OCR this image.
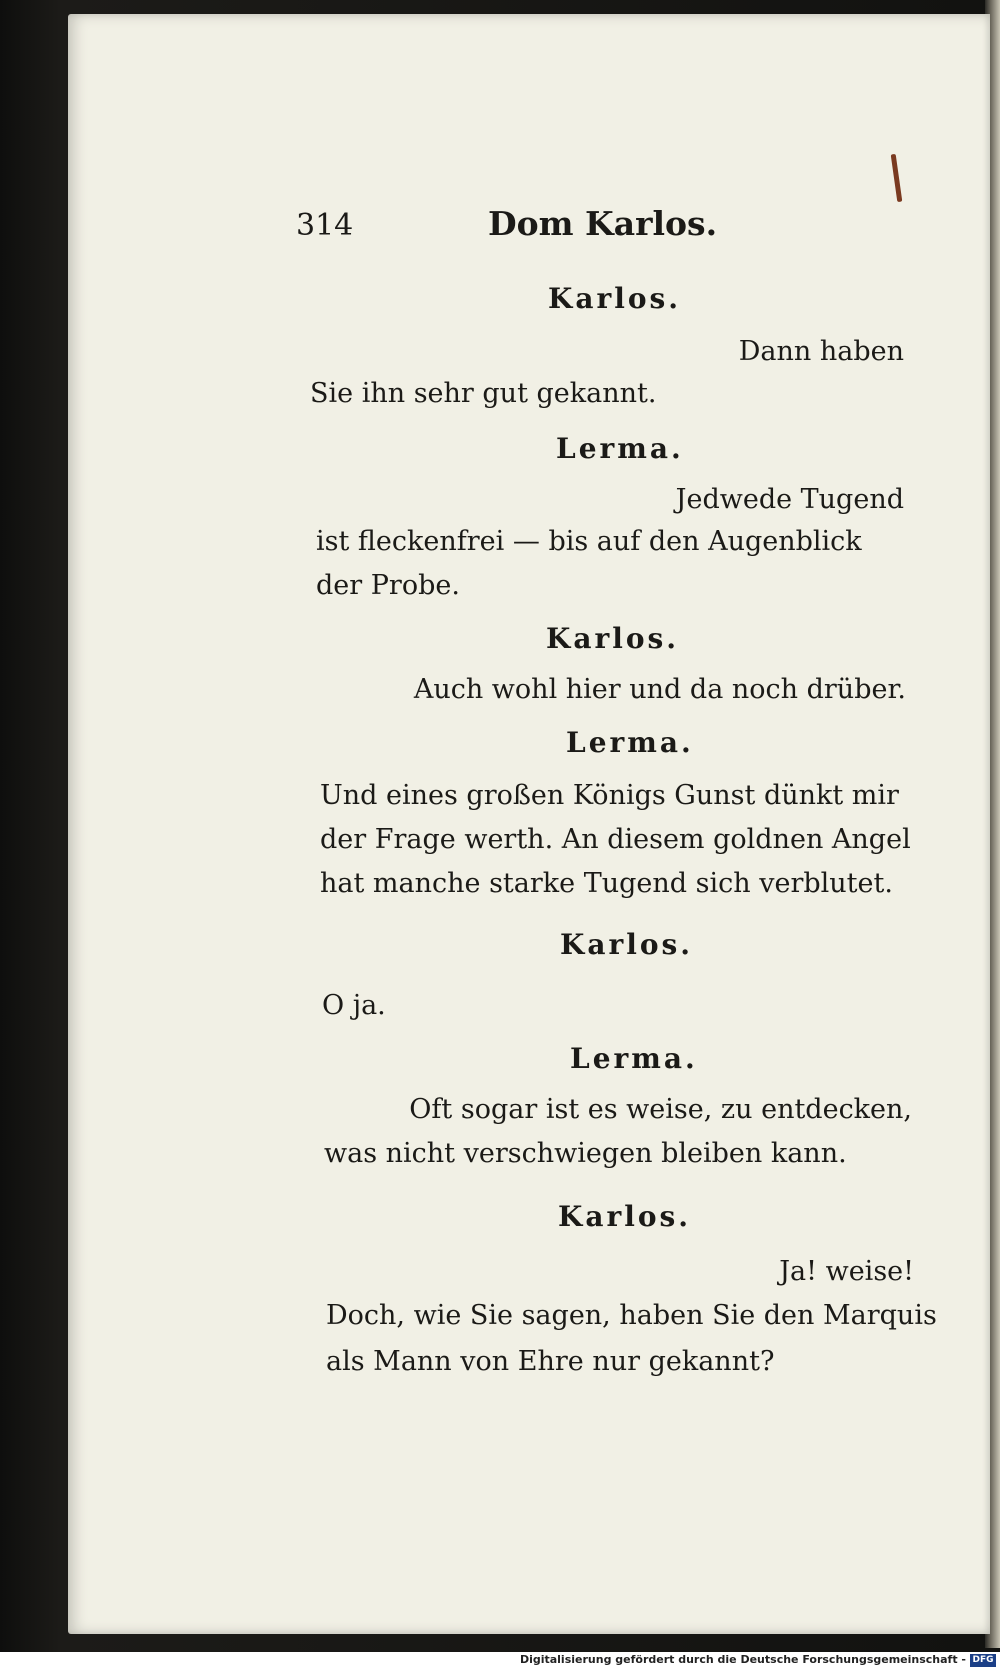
314	Dom Karlos.
Karlos.
Dann haben
Sie ihn sehr gut gekannt.
Lerma.
Jedwede Tugend
ist fleckenfrei — bis auf den Augenblick
der Probe.
Karlos.
Auch wohl hier und da noch drüber.
Lerma.
Und eines großen Königs Gunst dünkt mir
der Frage werth. An diesem goldnen Angel
hat manche starke Tugend sich verblutet.
Karlos.
O ja.
Lerma.
Oft sogar ist es weise, zu entdecken,
was nicht verschwiegen bleiben kann.
Karlos.
Ja! weise!
Doch, wie Sie sagen, haben Sie den Marquis
als Mann von Ehre nur gekannt?
Digitalisierung gefördert durch die Deutsche Forschungsgemeinschaft - DFG
